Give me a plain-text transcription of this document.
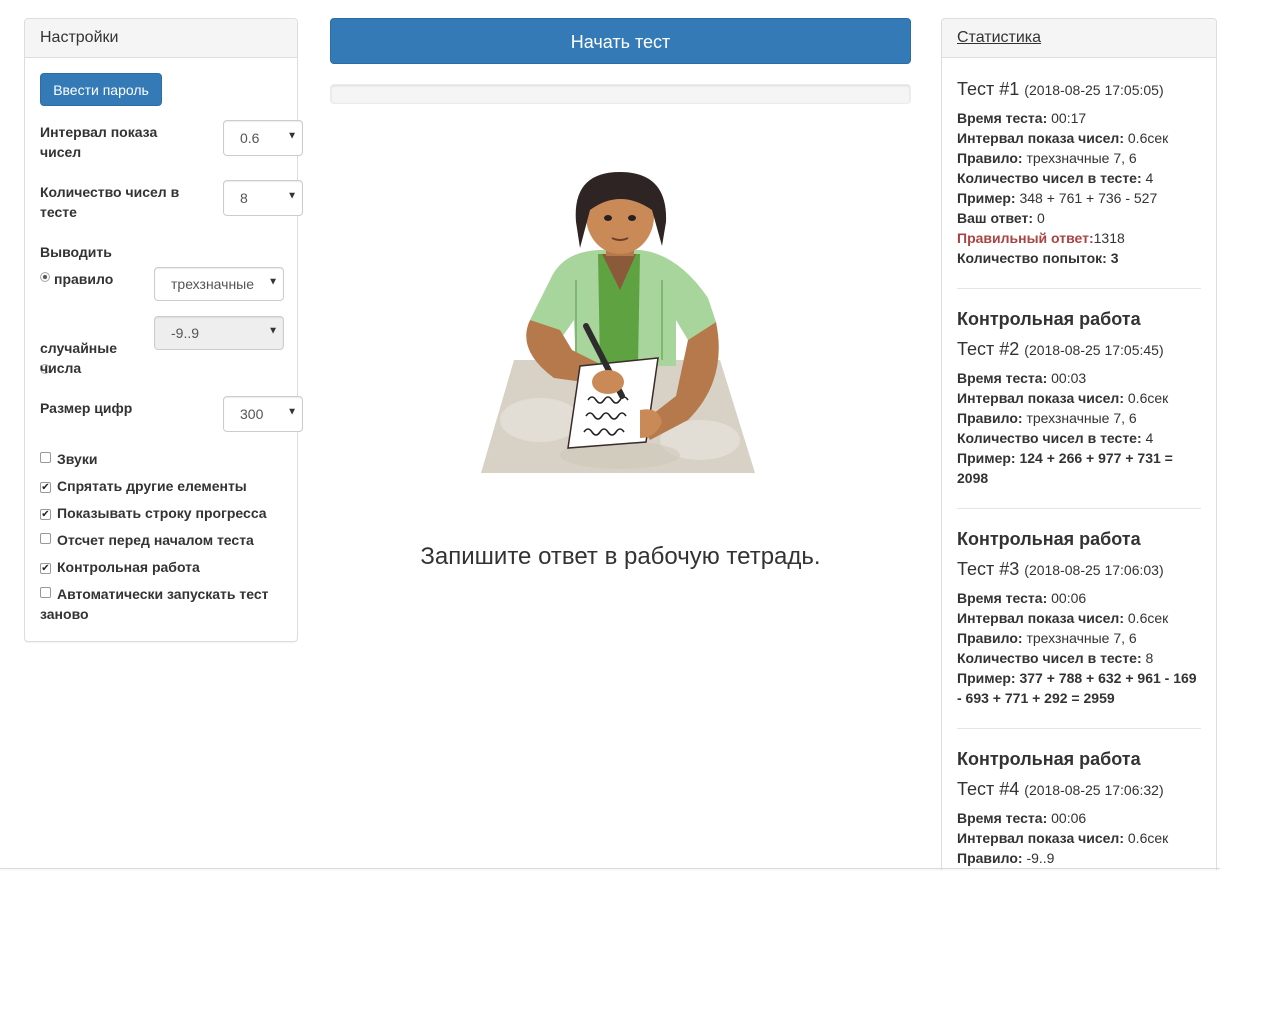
Настройки
Ввести пароль
Интервал показа чисел
0.6	▼
Количество чисел в тесте
8	▼
Выводить
правило	трехзначные ▼
случайные числа
-9..9	▼
Размер цифр	300 ▼
Звуки
✔ Спрятать другие елементы
✔ Показывать строку прогресса
Отсчет перед началом теста
✔ Контрольная работа
Автоматически запускать тест заново
Начать тест
Запишите ответ в рабочую тетрадь.
Статистика
Тест #1 (2018-08-25 17:05:05)
Время теста: 00:17
Интервал показа чисел: 0.6сек
Правило: трехзначные 7, 6
Количество чисел в тесте: 4
Пример: 348 + 761 + 736 - 527
Ваш ответ: 0
Правильный ответ:1318
Количество попыток: 3
Контрольная работа
Тест #2 (2018-08-25 17:05:45)
Время теста: 00:03
Интервал показа чисел: 0.6сек
Правило: трехзначные 7, 6
Количество чисел в тесте: 4
Пример: 124 + 266 + 977 + 731 = 2098
Контрольная работа
Тест #3 (2018-08-25 17:06:03)
Время теста: 00:06
Интервал показа чисел: 0.6сек
Правило: трехзначные 7, 6
Количество чисел в тесте: 8
Пример: 377 + 788 + 632 + 961 - 169 - 693 + 771 + 292 = 2959
Контрольная работа
Тест #4 (2018-08-25 17:06:32)
Время теста: 00:06
Интервал показа чисел: 0.6сек
Правило: -9..9
